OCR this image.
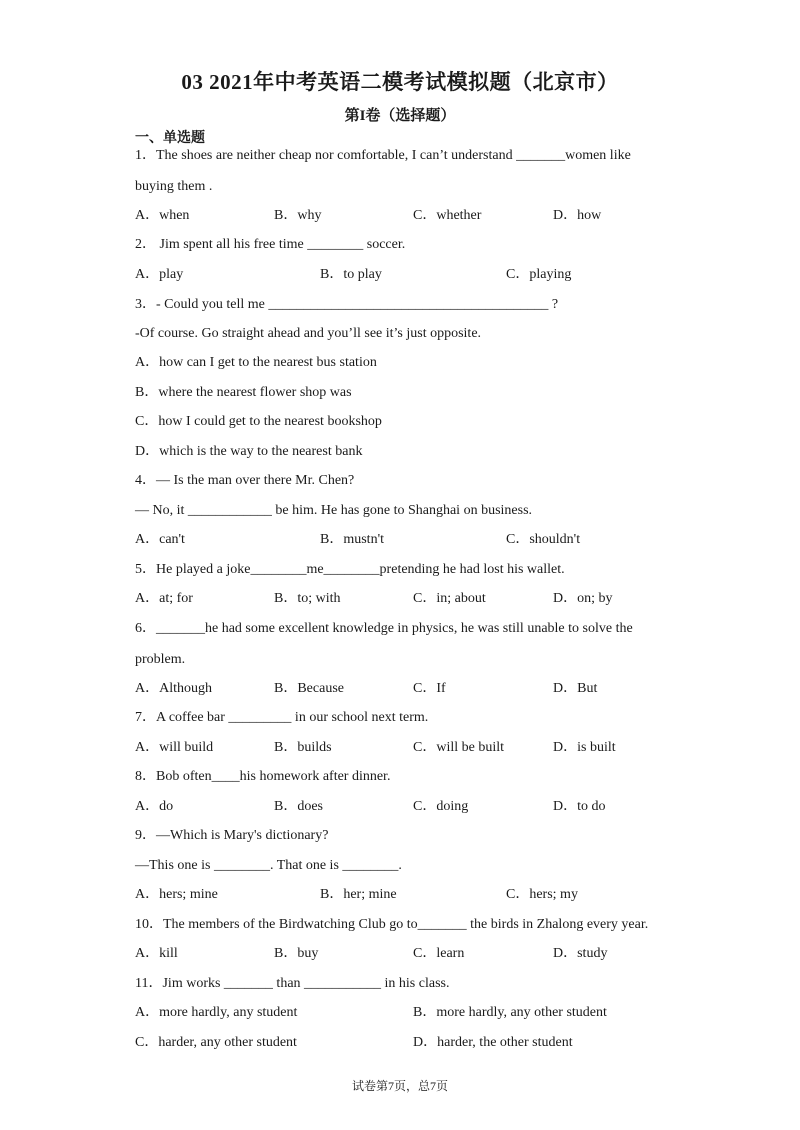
03 2021年中考英语二模考试模拟题（北京市）
第I卷（选择题）
一、单选题
1．The shoes are neither cheap nor comfortable, I can’t understand _______women like
buying them .
A．when	B．why	C．whether	D．how
2． Jim spent all his free time ________ soccer.
A．play	B．to play	C．playing
3．- Could you tell me ________________________________________ ?
-Of course. Go straight ahead and you’ll see it’s just opposite.
A．how can I get to the nearest bus station
B．where the nearest flower shop was
C．how I could get to the nearest bookshop
D．which is the way to the nearest bank
4．— Is the man over there Mr. Chen?
— No, it ____________ be him. He has gone to Shanghai on business.
A．can't	B．mustn't	C．shouldn't
5．He played a joke________me________pretending he had lost his wallet.
A．at; for	B．to; with	C．in; about	D．on; by
6．_______he had some excellent knowledge in physics, he was still unable to solve the
problem.
A．Although	B．Because	C．If	D．But
7．A coffee bar _________ in our school next term.
A．will build	B．builds	C．will be built	D．is built
8．Bob often____his homework after dinner.
A．do	B．does	C．doing	D．to do
9．—Which is Mary's dictionary?
—This one is ________. That one is ________.
A．hers; mine	B．her; mine	C．hers; my
10．The members of the Birdwatching Club go to_______ the birds in Zhalong every year.
A．kill	B．buy	C．learn	D．study
11．Jim works _______ than ___________ in his class.
A．more hardly, any student	B．more hardly, any other student
C．harder, any other student	D．harder, the other student
试卷第7页，总7页
